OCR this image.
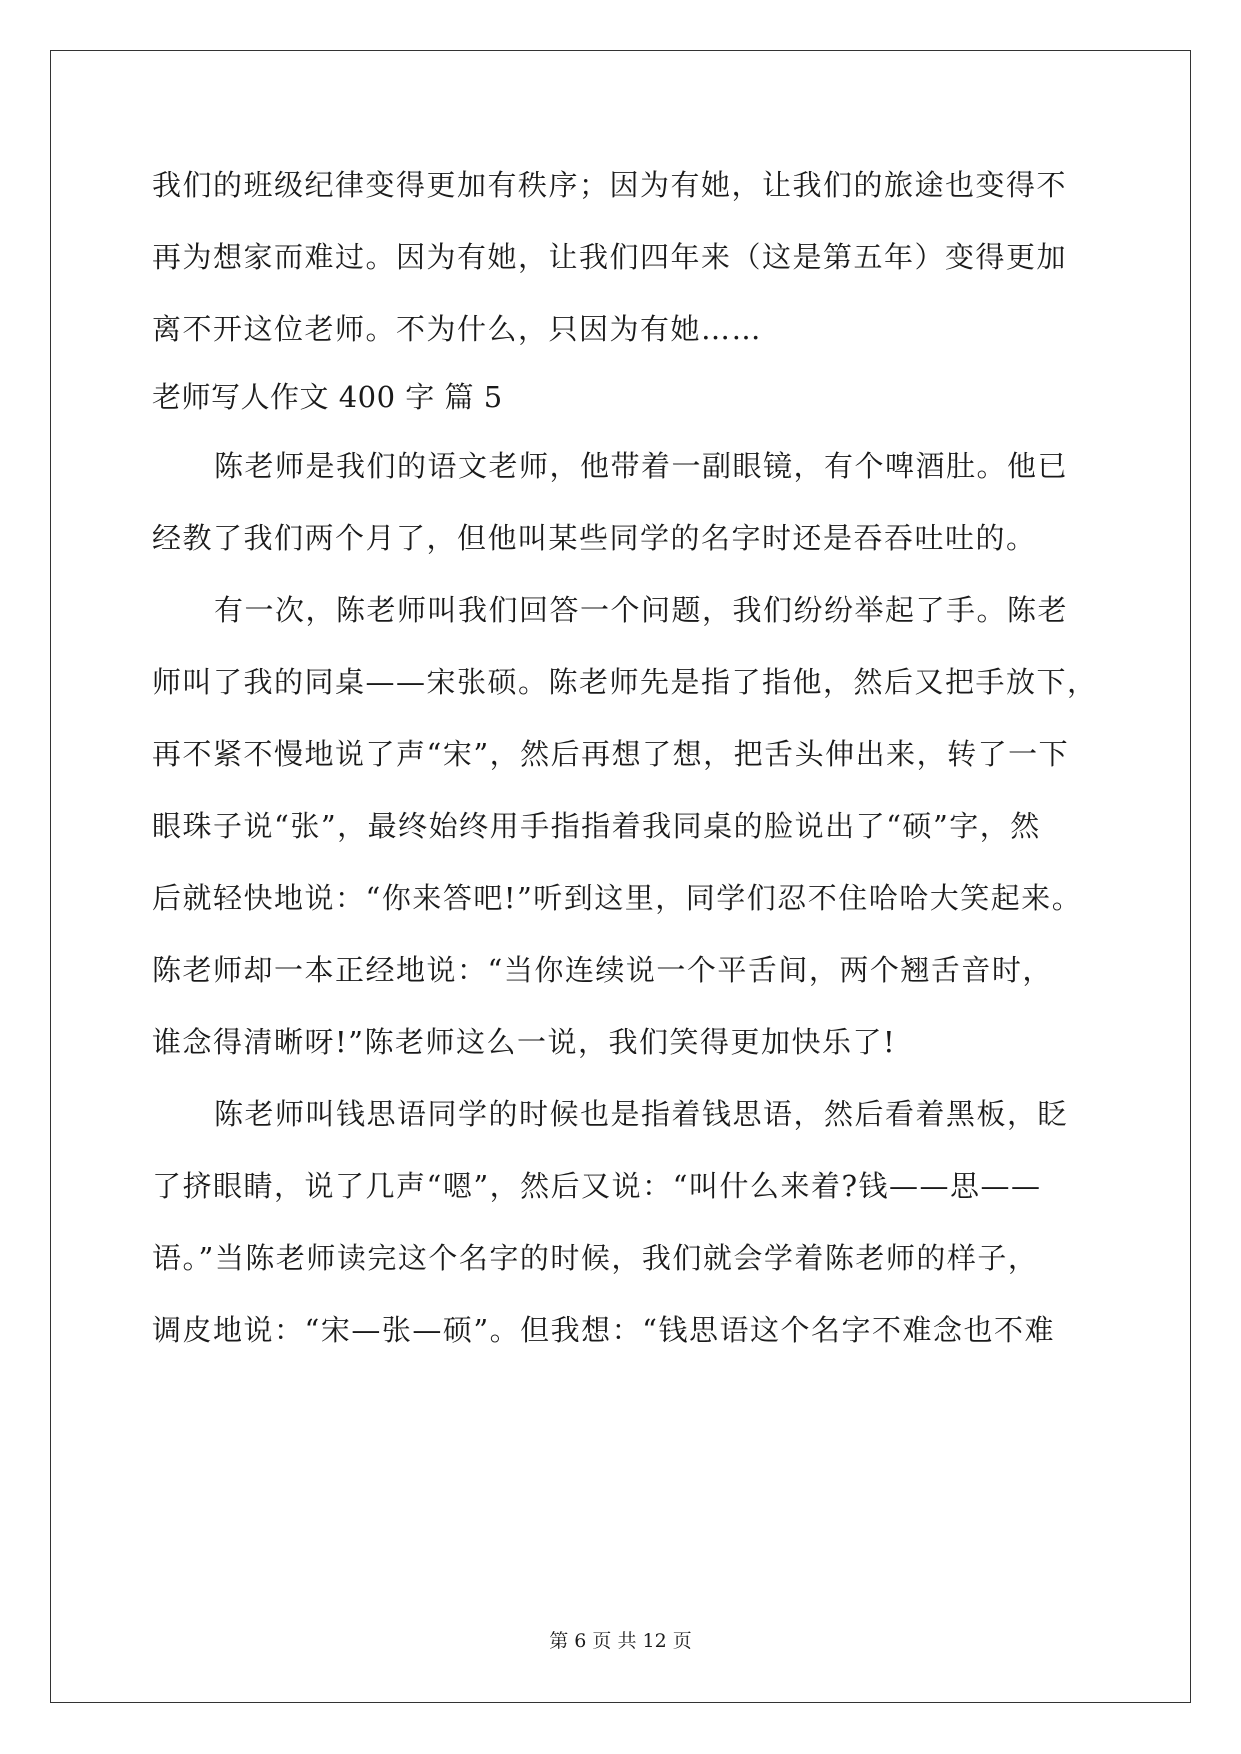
我们的班级纪律变得更加有秩序；因为有她，让我们的旅途也变得不
再为想家而难过。因为有她，让我们四年来（这是第五年）变得更加
离不开这位老师。不为什么，只因为有她……
老师写人作文 400 字 篇 5
陈老师是我们的语文老师，他带着一副眼镜，有个啤酒肚。他已
经教了我们两个月了，但他叫某些同学的名字时还是吞吞吐吐的。
有一次，陈老师叫我们回答一个问题，我们纷纷举起了手。陈老
师叫了我的同桌——宋张硕。陈老师先是指了指他，然后又把手放下，
再不紧不慢地说了声“宋”，然后再想了想，把舌头伸出来，转了一下
眼珠子说“张”，最终始终用手指指着我同桌的脸说出了“硕”字，然
后就轻快地说：“你来答吧!”听到这里，同学们忍不住哈哈大笑起来。
陈老师却一本正经地说：“当你连续说一个平舌间，两个翘舌音时，
谁念得清晰呀!”陈老师这么一说，我们笑得更加快乐了!
陈老师叫钱思语同学的时候也是指着钱思语，然后看着黑板，眨
了挤眼睛，说了几声“嗯”，然后又说：“叫什么来着?钱——思——
语。”当陈老师读完这个名字的时候，我们就会学着陈老师的样子，
调皮地说：“宋—张—硕”。但我想：“钱思语这个名字不难念也不难
第 6 页 共 12 页
